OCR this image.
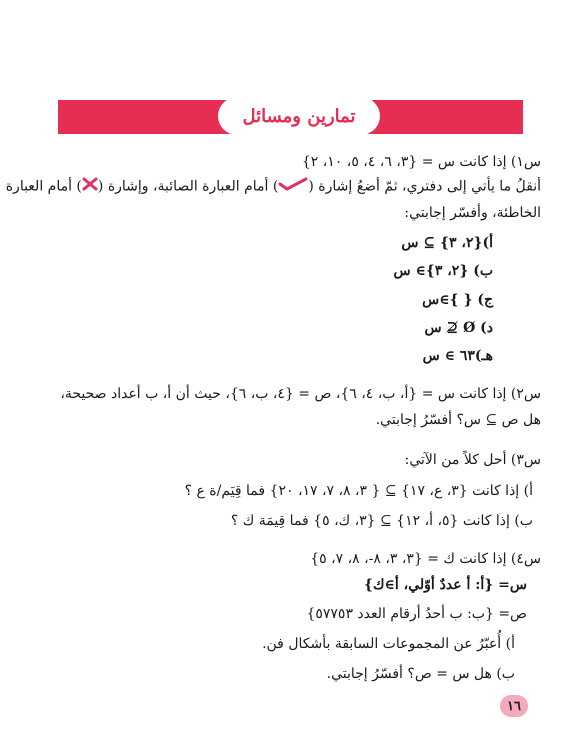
تمارين ومسائل
س١) إذا كانت س = {٣، ٦، ٤، ٥، ١٠، ٢}
أنقلُ ما يأتي إلى دفتري، ثمّ أضعُ إشارة () أمام العبارة الصائبة، وإشارة () أمام العبارة
الخاطئة، وأفسّر إجابتي:
أ){٢، ٣} ⊇ س
ب) {٢، ٣}∋ س
ج) { }∋س
د) Ø ⊉ س
هـ)٦٣ ∋ س
س٢) إذا كانت س = {أ، ب، ٤، ٦}، ص = {٤، ب، ٦}، حيث أن أ، ب أعداد صحيحة،
هل ص ⊇ س؟ أفسّرُ إجابتي.
س٣) أحل كلاً من الآتي:
أ) إذا كانت {٣، ع، ١٧} ⊇ { ٣، ٨، ٧، ١٧، ٢٠} فما قِيَم/ة ع ؟
ب) إذا كانت {٥، أ، ١٢} ⊇ {٣، ك، ٥} فما قِيمَة ك ؟
س٤) إذا كانت ك = {٣، ٣، ٨-، ٨، ٧، ٥}
س= {أ: أ عددٌ أوّلي، أ∋ك}
ص= {ب: ب أحدُ أرقام العدد ٥٧٧٥٣}
أ) أُعبّرُ عن المجموعات السابقة بأشكال فن.
ب) هل س = ص؟ أفسّرُ إجابتي.
١٦
